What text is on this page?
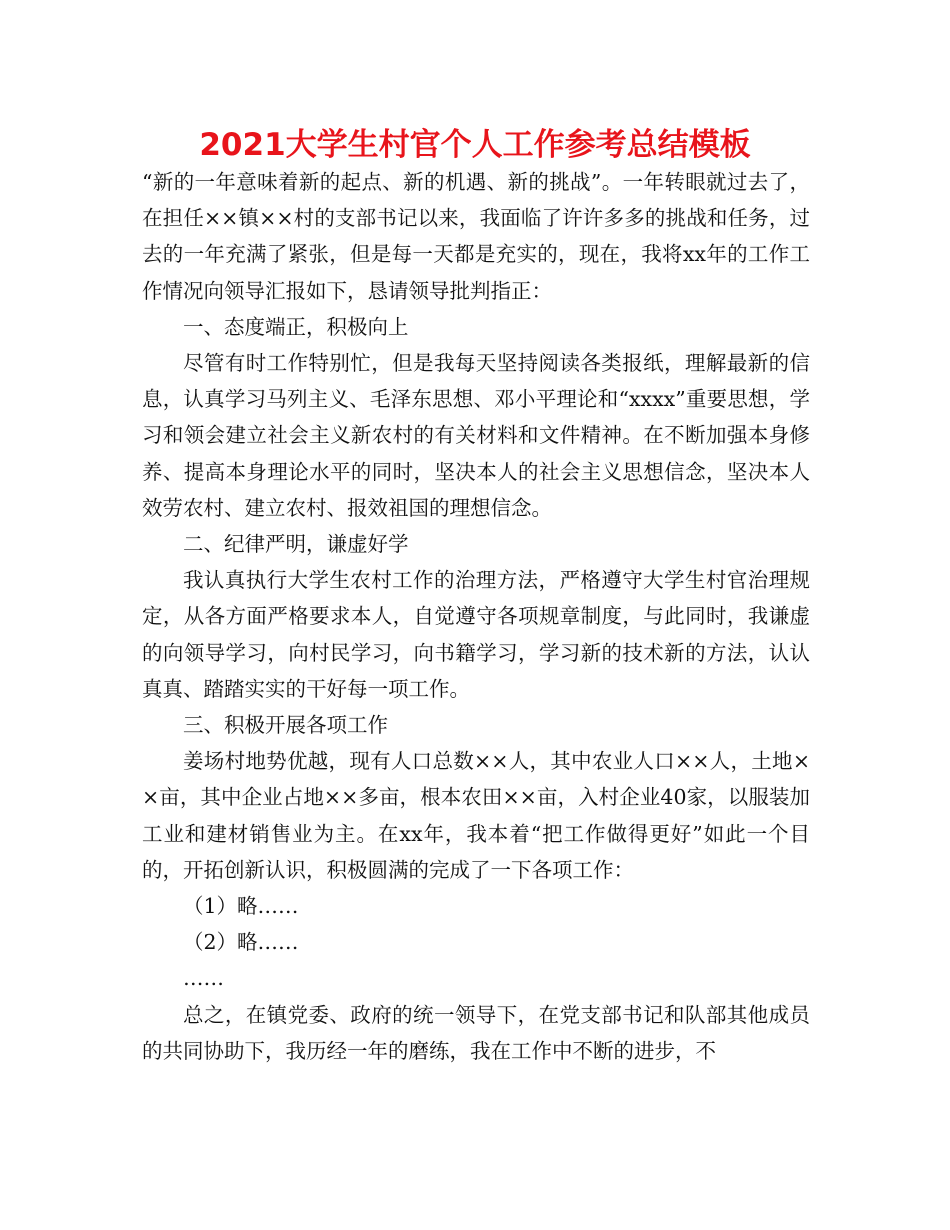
2021大学生村官个人工作参考总结模板

“新的一年意味着新的起点、新的机遇、新的挑战”。一年转眼就过去了，在担任××镇××村的支部书记以来，我面临了许许多多的挑战和任务，过去的一年充满了紧张，但是每一天都是充实的，现在，我将xx年的工作工作情况向领导汇报如下，恳请领导批判指正：

一、态度端正，积极向上

尽管有时工作特别忙，但是我每天坚持阅读各类报纸，理解最新的信息，认真学习马列主义、毛泽东思想、邓小平理论和“xxxx”重要思想，学习和领会建立社会主义新农村的有关材料和文件精神。在不断加强本身修养、提高本身理论水平的同时，坚决本人的社会主义思想信念，坚决本人效劳农村、建立农村、报效祖国的理想信念。

二、纪律严明，谦虚好学

我认真执行大学生农村工作的治理方法，严格遵守大学生村官治理规定，从各方面严格要求本人，自觉遵守各项规章制度，与此同时，我谦虚的向领导学习，向村民学习，向书籍学习，学习新的技术新的方法，认认真真、踏踏实实的干好每一项工作。

三、积极开展各项工作

姜场村地势优越，现有人口总数××人，其中农业人口××人，土地××亩，其中企业占地××多亩，根本农田××亩，入村企业40家，以服装加工业和建材销售业为主。在xx年，我本着“把工作做得更好”如此一个目的，开拓创新认识，积极圆满的完成了一下各项工作：

（1）略……

（2）略……

……

总之，在镇党委、政府的统一领导下，在党支部书记和队部其他成员的共同协助下，我历经一年的磨练，我在工作中不断的进步，不
